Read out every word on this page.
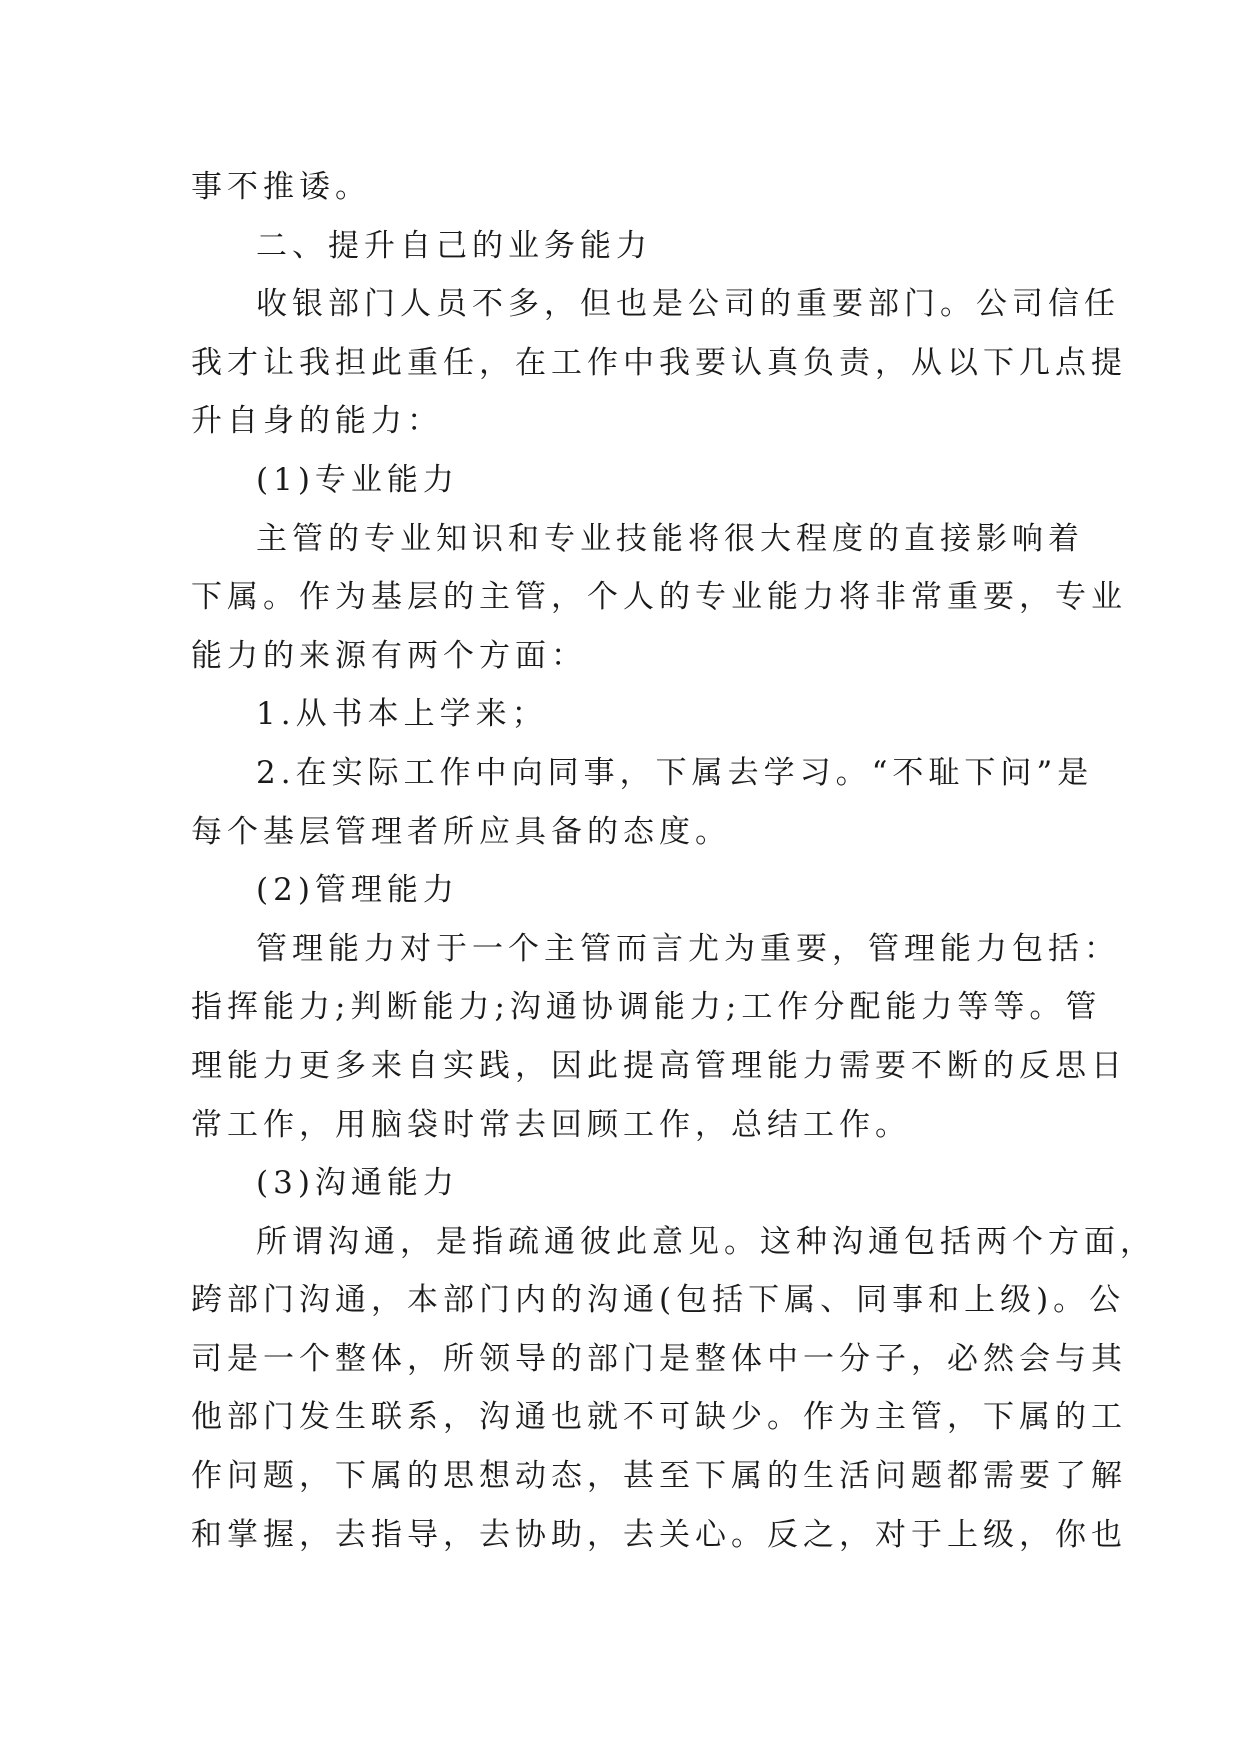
事不推诿。
二、提升自己的业务能力
收银部门人员不多，但也是公司的重要部门。公司信任
我才让我担此重任，在工作中我要认真负责，从以下几点提
升自身的能力：
(1)专业能力
主管的专业知识和专业技能将很大程度的直接影响着
下属。作为基层的主管，个人的专业能力将非常重要，专业
能力的来源有两个方面：
1.从书本上学来；
2.在实际工作中向同事，下属去学习。“不耻下问”是
每个基层管理者所应具备的态度。
(2)管理能力
管理能力对于一个主管而言尤为重要，管理能力包括：
指挥能力;判断能力;沟通协调能力;工作分配能力等等。管
理能力更多来自实践，因此提高管理能力需要不断的反思日
常工作，用脑袋时常去回顾工作，总结工作。
(3)沟通能力
所谓沟通，是指疏通彼此意见。这种沟通包括两个方面，
跨部门沟通，本部门内的沟通(包括下属、同事和上级)。公
司是一个整体，所领导的部门是整体中一分子，必然会与其
他部门发生联系，沟通也就不可缺少。作为主管，下属的工
作问题，下属的思想动态，甚至下属的生活问题都需要了解
和掌握，去指导，去协助，去关心。反之，对于上级，你也
